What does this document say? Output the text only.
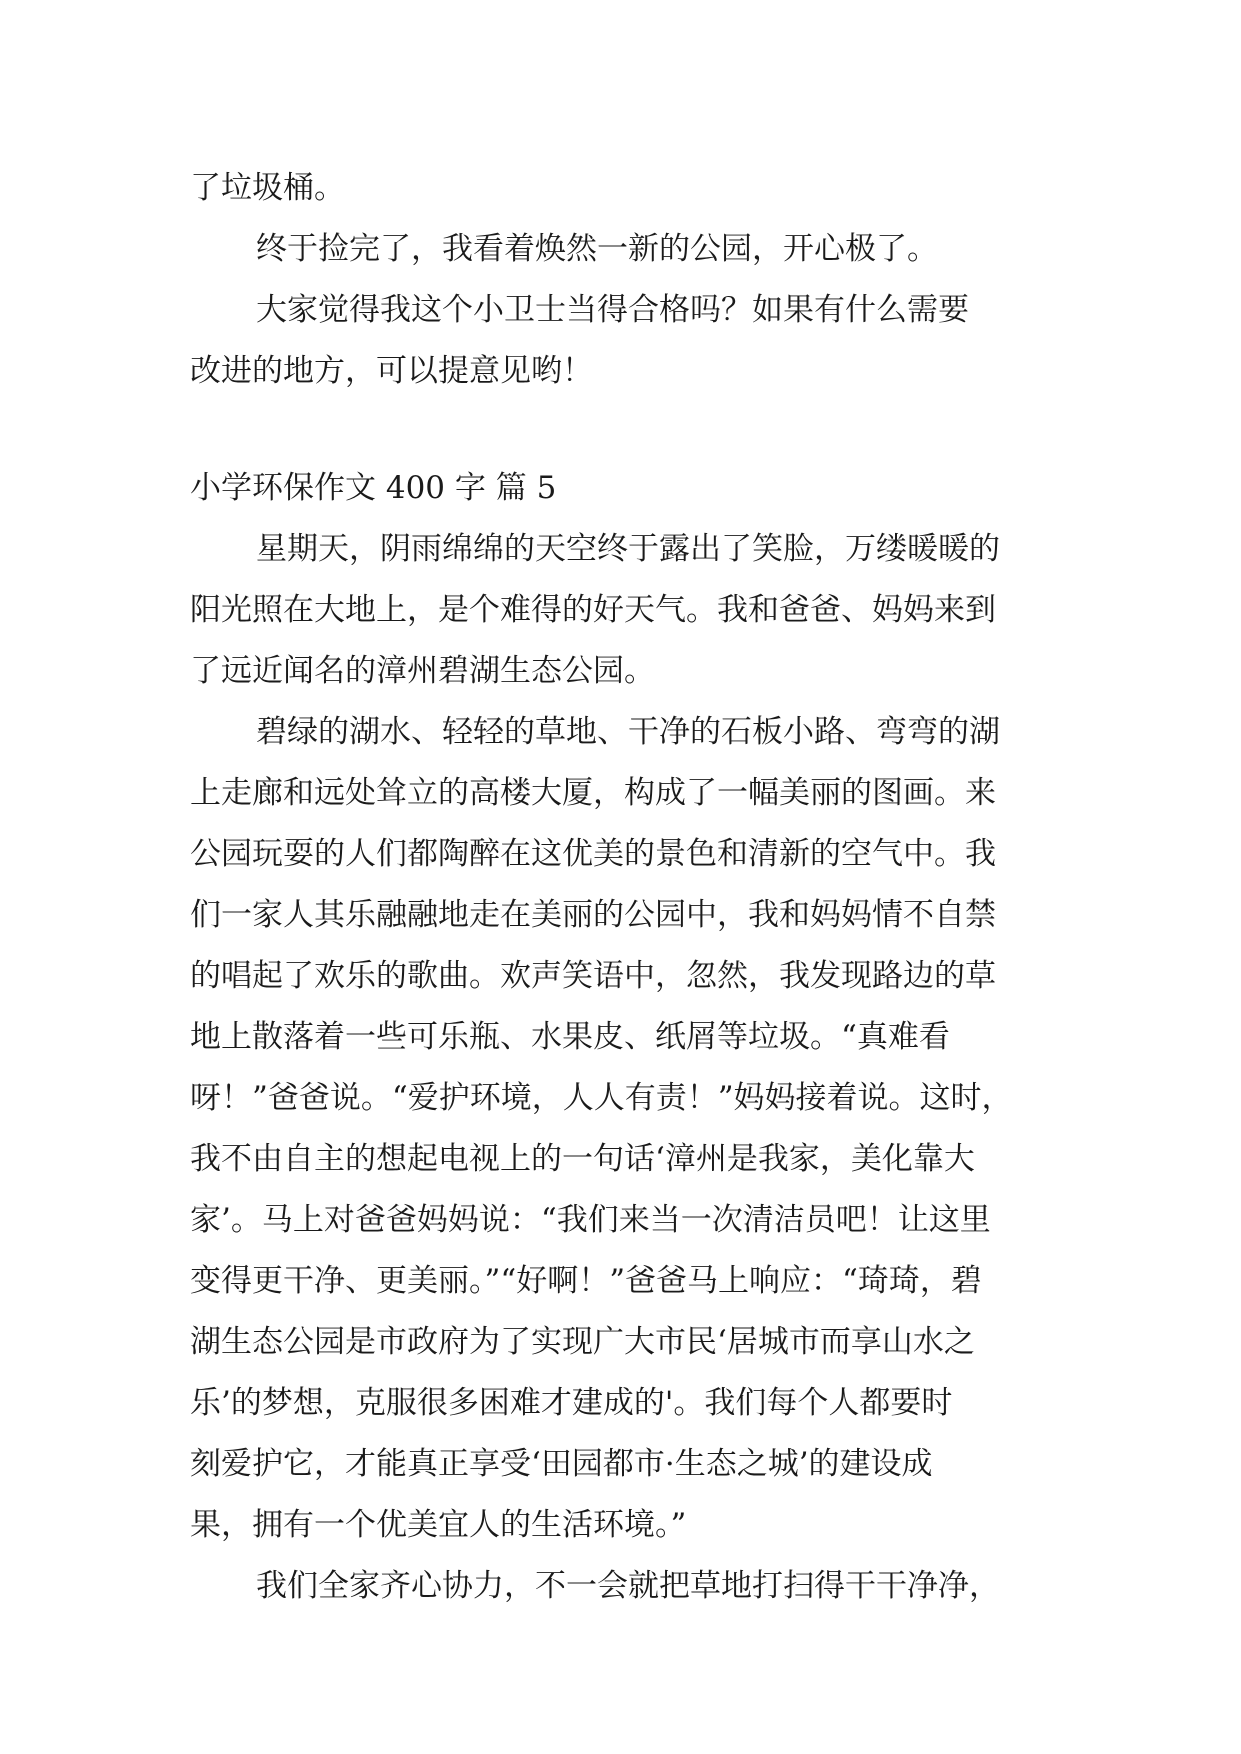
了垃圾桶。
终于捡完了，我看着焕然一新的公园，开心极了。
大家觉得我这个小卫士当得合格吗？如果有什么需要
改进的地方，可以提意见哟！
小学环保作文 400 字 篇 5
星期天，阴雨绵绵的天空终于露出了笑脸，万缕暖暖的
阳光照在大地上，是个难得的好天气。我和爸爸、妈妈来到
了远近闻名的漳州碧湖生态公园。
碧绿的湖水、轻轻的草地、干净的石板小路、弯弯的湖
上走廊和远处耸立的高楼大厦，构成了一幅美丽的图画。来
公园玩耍的人们都陶醉在这优美的景色和清新的空气中。我
们一家人其乐融融地走在美丽的公园中，我和妈妈情不自禁
的唱起了欢乐的歌曲。欢声笑语中，忽然，我发现路边的草
地上散落着一些可乐瓶、水果皮、纸屑等垃圾。“真难看
呀！”爸爸说。“爱护环境，人人有责！”妈妈接着说。这时，
我不由自主的想起电视上的一句话‘漳州是我家，美化靠大
家’。马上对爸爸妈妈说：“我们来当一次清洁员吧！让这里
变得更干净、更美丽。”“好啊！”爸爸马上响应：“琦琦，碧
湖生态公园是市政府为了实现广大市民‘居城市而享山水之
乐’的梦想，克服很多困难才建成的'。我们每个人都要时
刻爱护它，才能真正享受‘田园都市·生态之城’的建设成
果，拥有一个优美宜人的生活环境。”
我们全家齐心协力，不一会就把草地打扫得干干净净，
